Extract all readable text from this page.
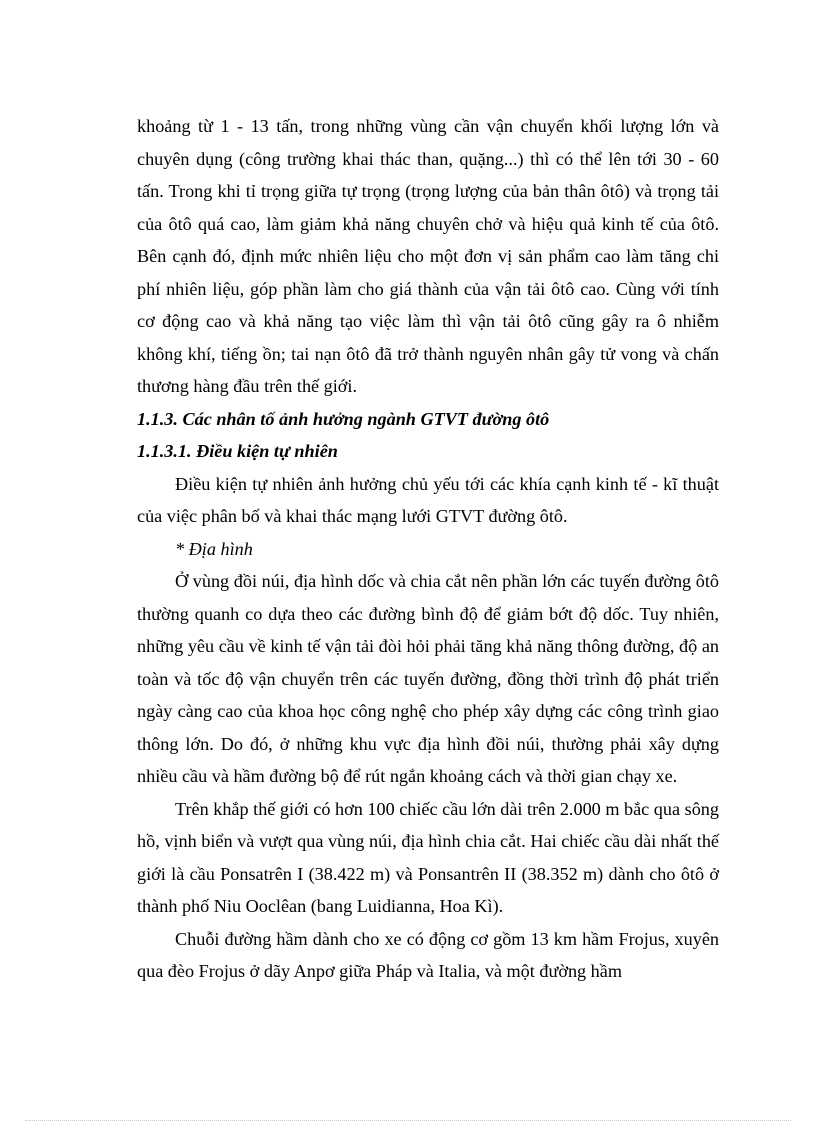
khoảng từ 1 - 13 tấn, trong những vùng cần vận chuyển khối lượng lớn và chuyên dụng (công trường khai thác than, quặng...) thì có thể lên tới 30 - 60 tấn. Trong khi tỉ trọng giữa tự trọng (trọng lượng của bản thân ôtô) và trọng tải của ôtô quá cao, làm giảm khả năng chuyên chở và hiệu quả kinh tế của ôtô. Bên cạnh đó, định mức nhiên liệu cho một đơn vị sản phẩm cao làm tăng chi phí nhiên liệu, góp phần làm cho giá thành của vận tải ôtô cao. Cùng với tính cơ động cao và khả năng tạo việc làm thì vận tải ôtô cũng gây ra ô nhiễm không khí, tiếng ồn; tai nạn ôtô đã trở thành nguyên nhân gây tử vong và chấn thương hàng đầu trên thế giới.

1.1.3. Các nhân tố ảnh hưởng ngành GTVT đường ôtô

1.1.3.1. Điều kiện tự nhiên

Điều kiện tự nhiên ảnh hưởng chủ yếu tới các khía cạnh kinh tế - kĩ thuật của việc phân bố và khai thác mạng lưới GTVT đường ôtô.

* Địa hình

Ở vùng đồi núi, địa hình dốc và chia cắt nên phần lớn các tuyến đường ôtô thường quanh co dựa theo các đường bình độ để giảm bớt độ dốc. Tuy nhiên, những yêu cầu về kinh tế vận tải đòi hỏi phải tăng khả năng thông đường, độ an toàn và tốc độ vận chuyển trên các tuyến đường, đồng thời trình độ phát triển ngày càng cao của khoa học công nghệ cho phép xây dựng các công trình giao thông lớn. Do đó, ở những khu vực địa hình đồi núi, thường phải xây dựng nhiều cầu và hầm đường bộ để rút ngắn khoảng cách và thời gian chạy xe.

Trên khắp thế giới có hơn 100 chiếc cầu lớn dài trên 2.000 m bắc qua sông hồ, vịnh biển và vượt qua vùng núi, địa hình chia cắt. Hai chiếc cầu dài nhất thế giới là cầu Ponsatrên I (38.422 m) và Ponsantrên II (38.352 m) dành cho ôtô ở thành phố Niu Ooclêan (bang Luidianna, Hoa Kì).

Chuỗi đường hầm dành cho xe có động cơ gồm 13 km hầm Frojus, xuyên qua đèo Frojus ở dãy Anpơ giữa Pháp và Italia, và một đường hầm
